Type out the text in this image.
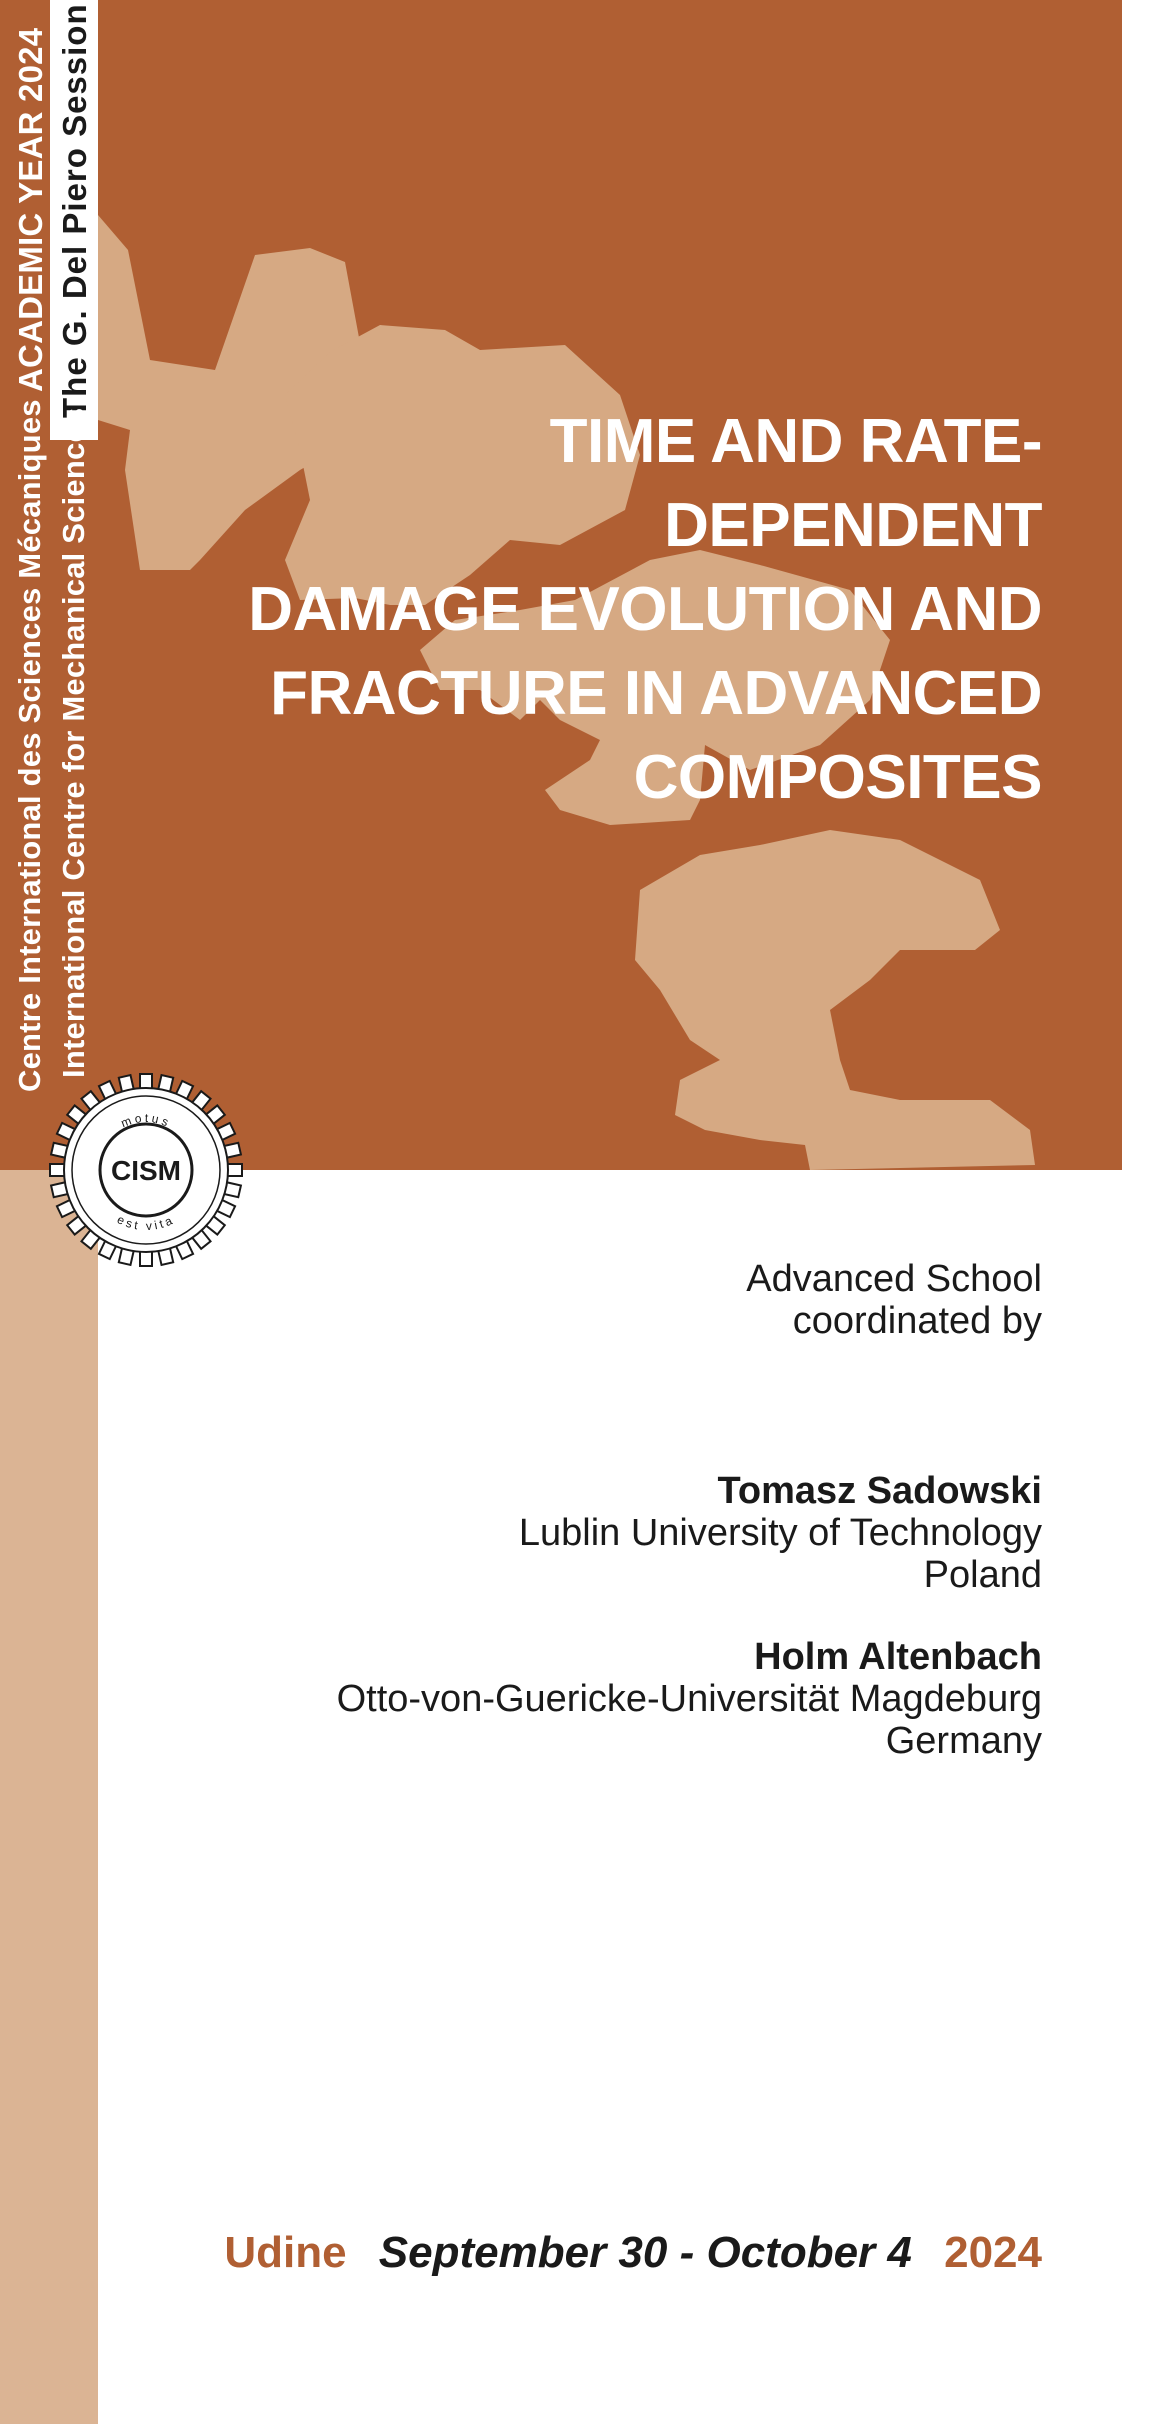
ACADEMIC YEAR 2024 The G. Del Piero Session
Centre International des Sciences Mécaniques International Centre for Mechanical Sciences	TIME AND RATE-DEPENDENT
DAMAGE EVOLUTION AND
FRACTURE IN ADVANCED
COMPOSITES
motus
est vita
CISM
Advanced School
coordinated by
Tomasz Sadowski
Lublin University of Technology
Poland
Holm Altenbach
Otto-von-Guericke-Universität Magdeburg
Germany
Udine September 30 - October 4 2024
